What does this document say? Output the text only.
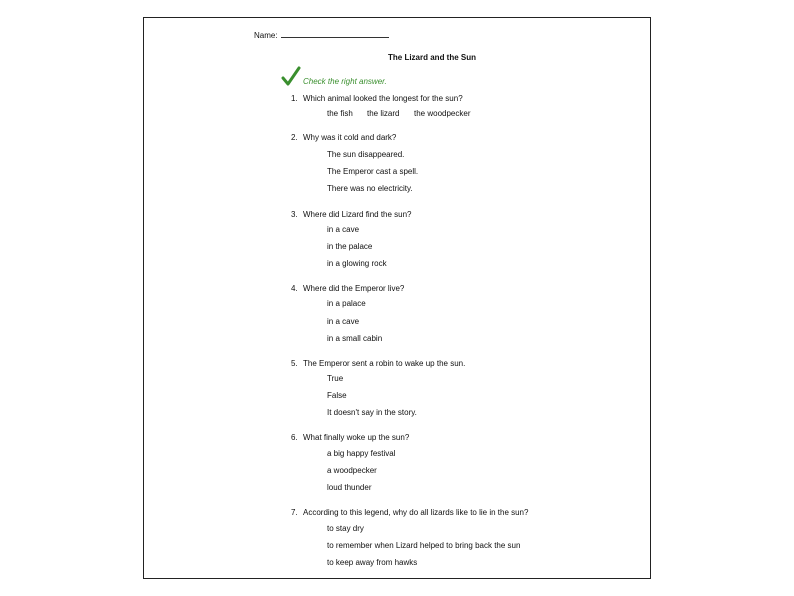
Name:
The Lizard and the Sun
Check the right answer.
1. Which animal looked the longest for the sun?
the fish the lizard the woodpecker
2. Why was it cold and dark?
The sun disappeared.
The Emperor cast a spell.
There was no electricity.
3. Where did Lizard find the sun?
in a cave
in the palace
in a glowing rock
4. Where did the Emperor live?
in a palace
in a cave
in a small cabin
5. The Emperor sent a robin to wake up the sun.
True
False
It doesn't say in the story.
6. What finally woke up the sun?
a big happy festival
a woodpecker
loud thunder
7. According to this legend, why do all lizards like to lie in the sun?
to stay dry
to remember when Lizard helped to bring back the sun
to keep away from hawks
